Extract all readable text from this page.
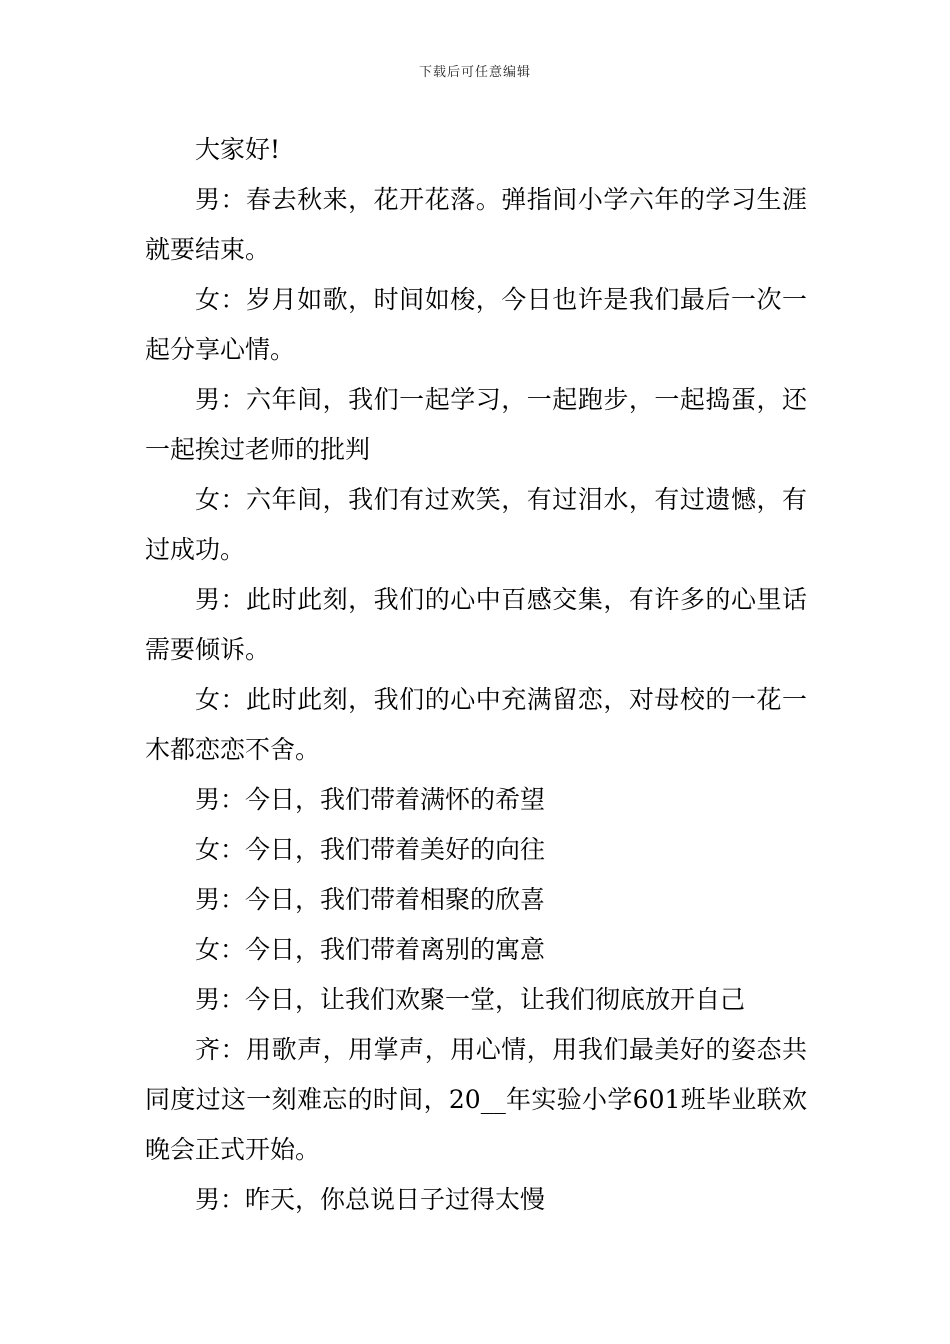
下载后可任意编辑

大家好!

男：春去秋来，花开花落。弹指间小学六年的学习生涯就要结束。

女：岁月如歌，时间如梭，今日也许是我们最后一次一起分享心情。

男：六年间，我们一起学习，一起跑步，一起捣蛋，还一起挨过老师的批判

女：六年间，我们有过欢笑，有过泪水，有过遗憾，有过成功。

男：此时此刻，我们的心中百感交集，有许多的心里话需要倾诉。

女：此时此刻，我们的心中充满留恋，对母校的一花一木都恋恋不舍。

男：今日，我们带着满怀的希望

女：今日，我们带着美好的向往

男：今日，我们带着相聚的欣喜

女：今日，我们带着离别的寓意

男：今日，让我们欢聚一堂，让我们彻底放开自己

齐：用歌声，用掌声，用心情，用我们最美好的姿态共同度过这一刻难忘的时间，20__年实验小学601班毕业联欢晚会正式开始。

男：昨天，你总说日子过得太慢
